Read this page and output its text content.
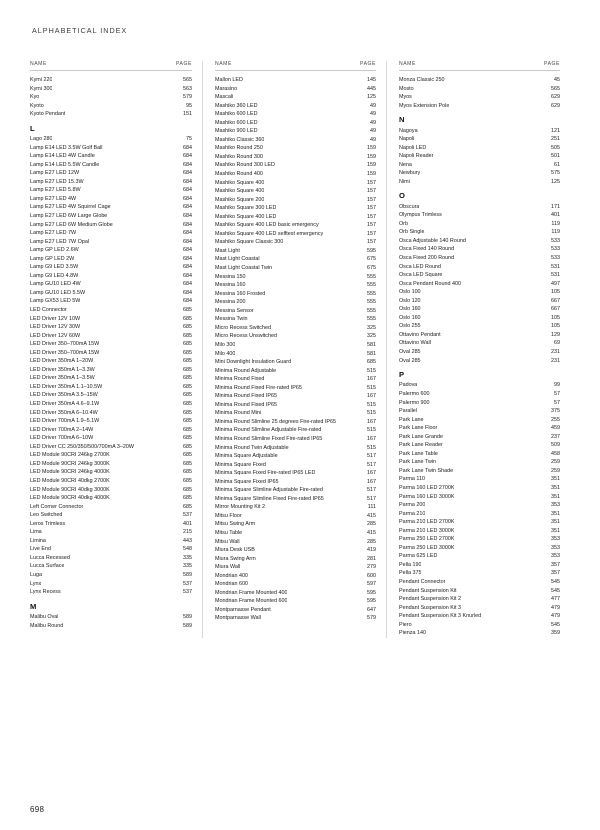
ALPHABETICAL INDEX
NAME	PAGE
Kymi 220	565
Kymi 300	563
Kyo	579
Kyoto	95
Kyoto Pendant	151
L
Lago 280	75
Lamp E14 LED 3.5W Golf Ball	684
Lamp E14 LED 4W Candle	684
Lamp E14 LED 5.5W Candle	684
Lamp E27 LED 12W	684
Lamp E27 LED 15.3W	684
Lamp E27 LED 5.8W	684
Lamp E27 LED 4W	684
Lamp E27 LED 4W Squirrel Cage	684
Lamp E27 LED 6W Large Globe	684
Lamp E27 LED 6W Medium Globe	684
Lamp E27 LED 7W	684
Lamp E27 LED 7W Opal	684
Lamp GP LED 2.6W	684
Lamp GP LED 2W	684
Lamp G9 LED 3.5W	684
Lamp G9 LED 4.8W	684
Lamp GU10 LED 4W	684
Lamp GU10 LED 5.5W	684
Lamp GX53 LED 5W	684
LED Connector	685
LED Driver 12V 10W	685
LED Driver 12V 30W	685
LED Driver 12V 60W	685
LED Driver 350–700mA 15W	685
LED Driver 350–700mA 15W	685
LED Driver 350mA 1–20W	685
LED Driver 350mA 1–3.3W	685
LED Driver 350mA 1–3.5W	685
LED Driver 350mA 1.1–10.5W	685
LED Driver 350mA 3.5–15W	685
LED Driver 350mA 4.6–9.1W	685
LED Driver 350mA 6–10.4W	685
LED Driver 700mA 1.9–5.1W	685
LED Driver 700mA 2–14W	685
LED Driver 700mA 6–10W	685
LED Driver CC 250/350/500/700mA 3–20W	685
LED Module 90CRI 246kg 2700K	685
LED Module 90CRI 246kg 3000K	685
LED Module 90CRI 246kg 4000K	685
LED Module 90CRI 40dkg 2700K	685
LED Module 90CRI 40dkg 3000K	685
LED Module 90CRI 40dkg 4000K	685
Left Corner Connector	685
Leo Switched	537
Leros Trimless	401
Lima	215
Limina	443
Live End	548
Lucca Recessed	335
Lucca Surface	335
Luga	589
Lynx	537
Lynx Recess	537
M
Malibu Oval	589
Malibu Round	589
NAME	PAGE
Mallon LED	145
Marasino	445
Mascali	125
Mashiko 360 LED	49
Mashiko 600 LED	49
Mashiko 600 LED	49
Mashiko 900 LED	49
Mashiko Classic 360	49
Mashiko Round 250	159
Mashiko Round 300	159
Mashiko Round 300 LED	159
Mashiko Round 400	159
Mashiko Square 400	157
Mashiko Square 400	157
Mashiko Square 200	157
Mashiko Square 300 LED	157
Mashiko Square 400 LED	157
Mashiko Square 400 LED basic emergency	157
Mashiko Square 400 LED selftest emergency	157
Mashiko Square Classic 300	157
Mast Light	595
Mast Light Coastal	675
Mast Light Coastal Twin	675
Messina 150	555
Messina 160	555
Messina 160 Frosted	555
Messina 200	555
Messina Sensor	555
Messina Twin	555
Micro Recess Switched	325
Micro Recess Unswitched	325
Milo 300	581
Milo 400	581
Mini Downlight Insulation Guard	685
Minima Round Adjustable	515
Minima Round Fixed	167
Minima Round Fixed Fire-rated IP65	515
Minima Round Fixed IP65	167
Minima Round Fixed IP65	515
Minima Round Mini	515
Minima Round Slimline 25 degrees Fire-rated IP65	167
Minima Round Slimline Adjustable Fire-rated	515
Minima Round Slimline Fixed Fire-rated IP65	167
Minima Round Twin Adjustable	515
Minima Square Adjustable	517
Minima Square Fixed	517
Minima Square Fixed Fire-rated IP65 LED	167
Minima Square Fixed IP65	167
Minima Square Slimline Adjustable Fire-rated	517
Minima Square Slimline Fixed Fire-rated IP65	517
Mirror Mounting Kit 2	111
Mitsu Floor	415
Mitsu Swing Arm	285
Mitsu Table	415
Mitsu Wall	285
Miura Desk USB	419
Miura Swing Arm	281
Miura Wall	279
Mondrian 400	600
Mondrian 600	597
Mondrian Frame Mounted 400	595
Mondrian Frame Mounted 600	595
Montparnasse Pendant	647
Montparnasse Wall	579
NAME	PAGE
Monza Classic 250	45
Mosto	565
Myos	629
Myos Extension Pole	629
N
Nagoya	121
Napoli	251
Napoli LED	505
Napoli Reader	501
Nena	61
Newbury	575
Nimi	125
O
Obscura	171
Olympus Trimless	401
Orb	119
Orb Single	119
Osca Adjustable 140 Round	533
Osca Fixed 140 Round	533
Osca Fixed 200 Round	533
Osca LED Round	531
Osca LED Square	531
Osca Pendant Round 400	497
Oslo 100	105
Oslo 120	667
Oslo 160	667
Oslo 160	105
Oslo 255	105
Ottavino Pendant	129
Ottavino Wall	69
Oval 285	231
Oval 285	231
P
Padova	99
Palermo 600	57
Palermo 900	57
Parallel	375
Park Lane	255
Park Lane Floor	459
Park Lane Grande	237
Park Lane Reader	509
Park Lane Table	458
Park Lane Twin	259
Park Lane Twin Shade	259
Parma 110	351
Parma 160 LED 2700K	351
Parma 160 LED 3000K	351
Parma 200	353
Parma 210	351
Parma 210 LED 2700K	351
Parma 210 LED 3000K	351
Parma 250 LED 2700K	353
Parma 250 LED 3000K	353
Parma 625 LED	353
Pella 190	357
Pella 375	357
Pendant Connector	545
Pendant Suspension Kit	545
Pendant Suspension Kit 2	477
Pendant Suspension Kit 3	479
Pendant Suspension Kit 3 Knurled	479
Piero	545
Pienza 140	359
698
